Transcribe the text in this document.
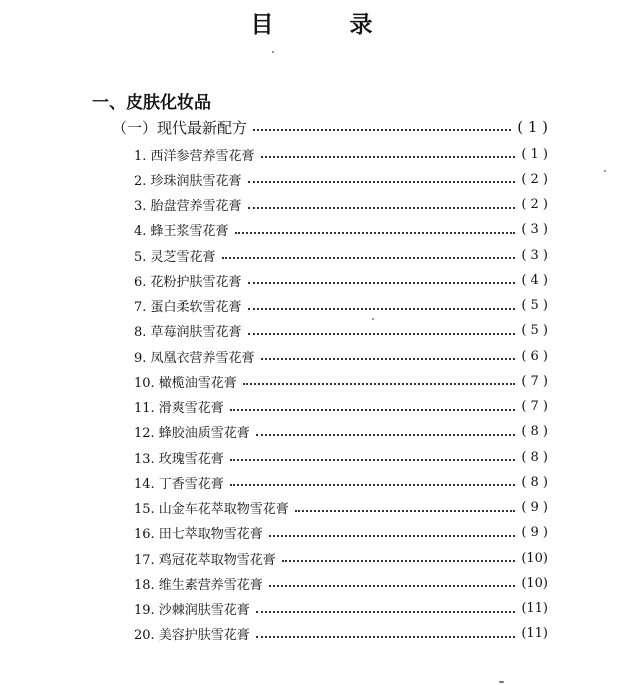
目 录
一、皮肤化妆品
（一）现代最新配方	( 1 )
1. 西洋参营养雪花膏	( 1 )
2. 珍珠润肤雪花膏	( 2 )
3. 胎盘营养雪花膏	( 2 )
4. 蜂王浆雪花膏	( 3 )
5. 灵芝雪花膏	( 3 )
6. 花粉护肤雪花膏	( 4 )
7. 蛋白柔软雪花膏	( 5 )
8. 草莓润肤雪花膏	( 5 )
9. 凤凰衣营养雪花膏	( 6 )
10. 橄榄油雪花膏	( 7 )
11. 滑爽雪花膏	( 7 )
12. 蜂胶油质雪花膏	( 8 )
13. 玫瑰雪花膏	( 8 )
14. 丁香雪花膏	( 8 )
15. 山金车花萃取物雪花膏	( 9 )
16. 田七萃取物雪花膏	( 9 )
17. 鸡冠花萃取物雪花膏	(10)
18. 维生素营养雪花膏	(10)
19. 沙棘润肤雪花膏	(11)
20. 美容护肤雪花膏	(11)
